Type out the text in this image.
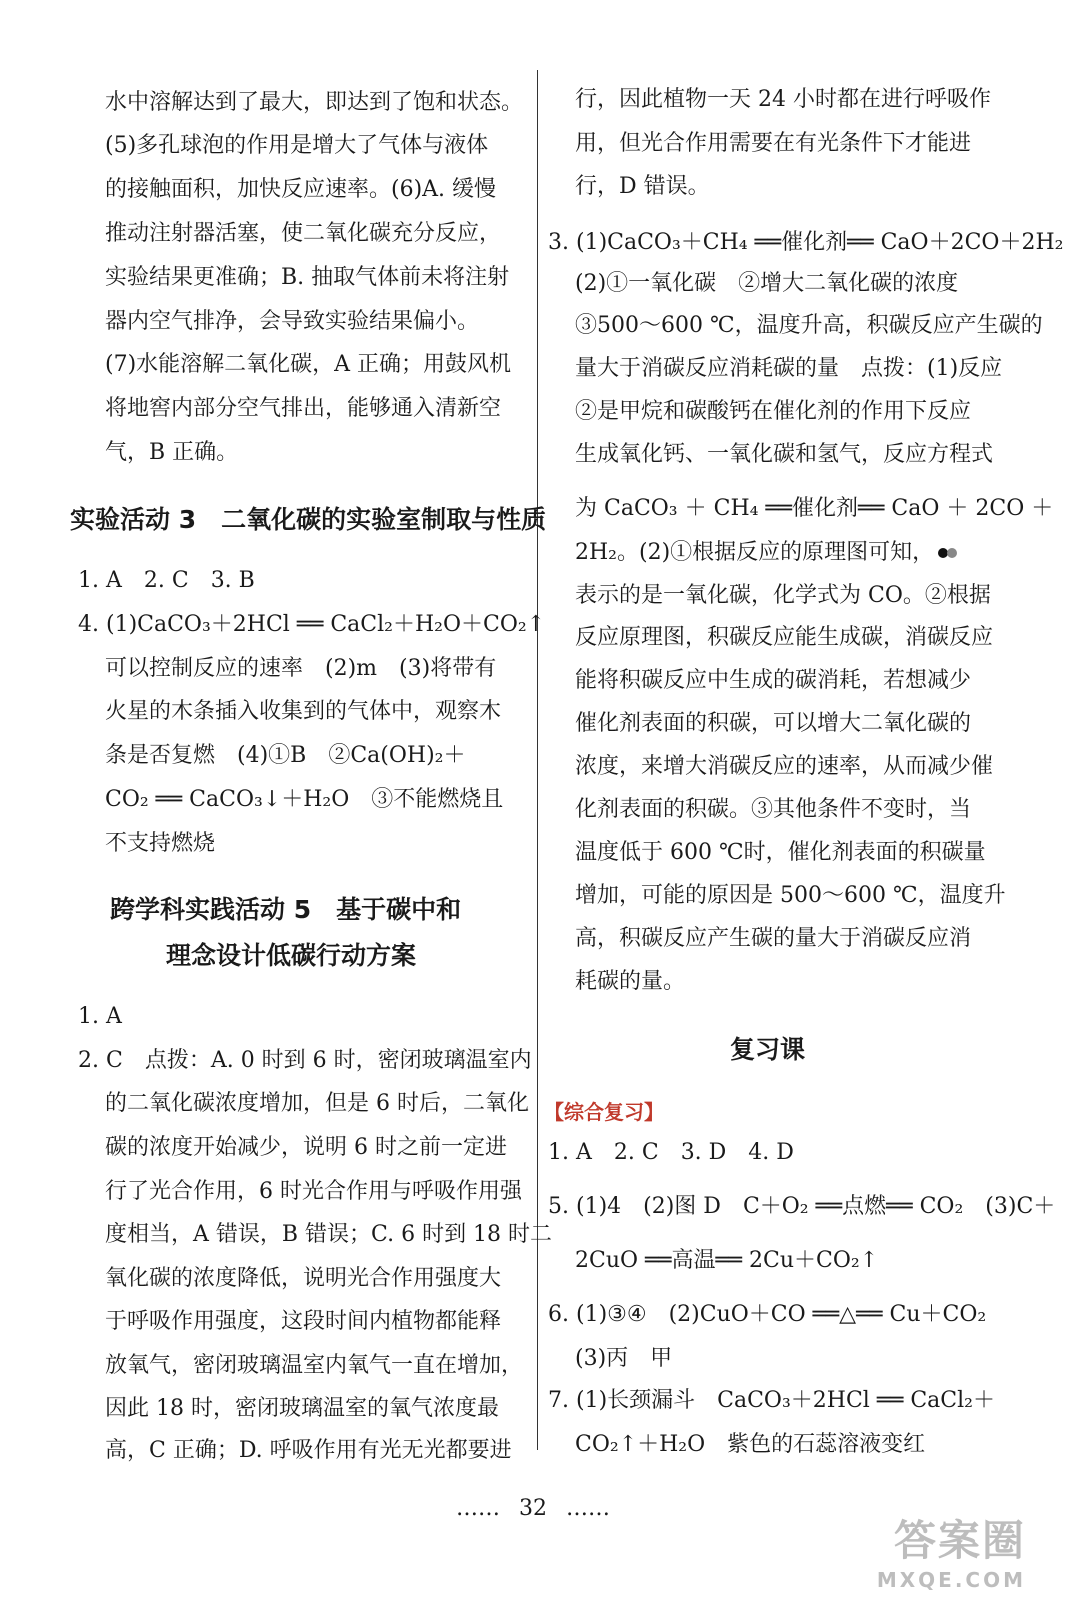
水中溶解达到了最大，即达到了饱和状态。
(5)多孔球泡的作用是增大了气体与液体
的接触面积，加快反应速率。(6)A. 缓慢
推动注射器活塞，使二氧化碳充分反应，
实验结果更准确；B. 抽取气体前未将注射
器内空气排净，会导致实验结果偏小。
(7)水能溶解二氧化碳，A 正确；用鼓风机
将地窖内部分空气排出，能够通入清新空
气，B 正确。
实验活动 3　二氧化碳的实验室制取与性质
1. A　2. C　3. B
4. (1)CaCO₃＋2HCl ══ CaCl₂＋H₂O＋CO₂↑
可以控制反应的速率　(2)m　(3)将带有
火星的木条插入收集到的气体中，观察木
条是否复燃　(4)①B　②Ca(OH)₂＋
CO₂ ══ CaCO₃↓＋H₂O　③不能燃烧且
不支持燃烧
跨学科实践活动 5　基于碳中和
理念设计低碳行动方案
1. A
2. C　点拨：A. 0 时到 6 时，密闭玻璃温室内
的二氧化碳浓度增加，但是 6 时后，二氧化
碳的浓度开始减少，说明 6 时之前一定进
行了光合作用，6 时光合作用与呼吸作用强
度相当，A 错误，B 错误；C. 6 时到 18 时二
氧化碳的浓度降低，说明光合作用强度大
于呼吸作用强度，这段时间内植物都能释
放氧气，密闭玻璃温室内氧气一直在增加，
因此 18 时，密闭玻璃温室的氧气浓度最
高，C 正确；D. 呼吸作用有光无光都要进
行，因此植物一天 24 小时都在进行呼吸作
用，但光合作用需要在有光条件下才能进
行，D 错误。
3. (1)CaCO₃＋CH₄ ══催化剂══ CaO＋2CO＋2H₂
(2)①一氧化碳　②增大二氧化碳的浓度
③500～600 ℃，温度升高，积碳反应产生碳的
量大于消碳反应消耗碳的量　点拨：(1)反应
②是甲烷和碳酸钙在催化剂的作用下反应
生成氧化钙、一氧化碳和氢气，反应方程式
为 CaCO₃ ＋ CH₄ ══催化剂══ CaO ＋ 2CO ＋
2H₂。(2)①根据反应的原理图可知，
表示的是一氧化碳，化学式为 CO。②根据
反应原理图，积碳反应能生成碳，消碳反应
能将积碳反应中生成的碳消耗，若想减少
催化剂表面的积碳，可以增大二氧化碳的
浓度，来增大消碳反应的速率，从而减少催
化剂表面的积碳。③其他条件不变时，当
温度低于 600 ℃时，催化剂表面的积碳量
增加，可能的原因是 500～600 ℃，温度升
高，积碳反应产生碳的量大于消碳反应消
耗碳的量。
复习课
【综合复习】
1. A　2. C　3. D　4. D
5. (1)4　(2)图 D　C＋O₂ ══点燃══ CO₂　(3)C＋
2CuO ══高温══ 2Cu＋CO₂↑
6. (1)③④　(2)CuO＋CO ══△══ Cu＋CO₂
(3)丙　甲
7. (1)长颈漏斗　CaCO₃＋2HCl ══ CaCl₂＋
CO₂↑＋H₂O　紫色的石蕊溶液变红
…… 32 ……
答案圈
MXQE.COM
